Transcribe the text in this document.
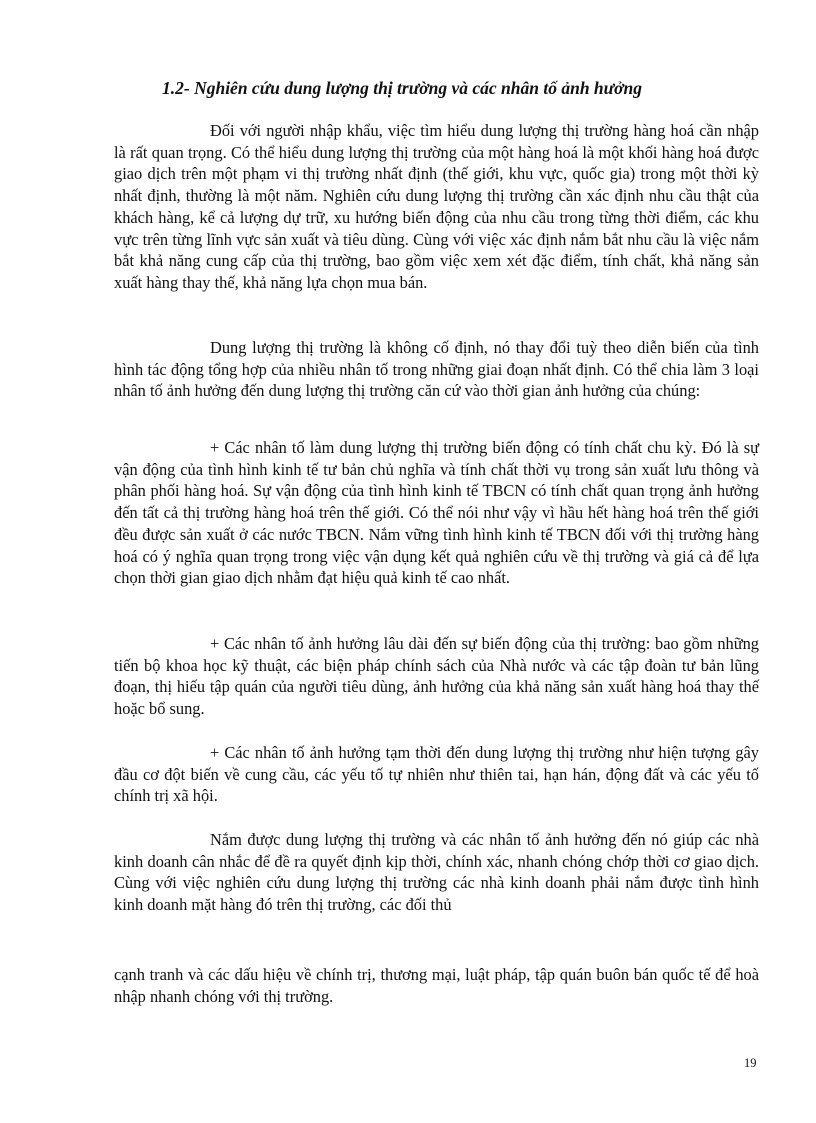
1.2- Nghiên cứu dung lượng thị trường và các nhân tố ảnh hưởng

Đối với người nhập khẩu, việc tìm hiểu dung lượng thị trường hàng hoá cần nhập là rất quan trọng. Có thể hiểu dung lượng thị trường của một hàng hoá là một khối hàng hoá được giao dịch trên một phạm vi thị trường nhất định (thế giới, khu vực, quốc gia) trong một thời kỳ nhất định, thường là một năm. Nghiên cứu dung lượng thị trường cần xác định nhu cầu thật của khách hàng, kể cả lượng dự trữ, xu hướng biến động của nhu cầu trong từng thời điểm, các khu vực trên từng lĩnh vực sản xuất và tiêu dùng. Cùng với việc xác định nắm bắt nhu cầu là việc nắm bắt khả năng cung cấp của thị trường, bao gồm việc xem xét đặc điểm, tính chất, khả năng sản xuất hàng thay thế, khả năng lựa chọn mua bán.

Dung lượng thị trường là không cố định, nó thay đổi tuỳ theo diễn biến của tình hình tác động tổng hợp của nhiều nhân tố trong những giai đoạn nhất định. Có thể chia làm 3 loại nhân tố ảnh hưởng đến dung lượng thị trường căn cứ vào thời gian ảnh hưởng của chúng:

+ Các nhân tố làm dung lượng thị trường biến động có tính chất chu kỳ. Đó là sự vận động của tình hình kinh tế tư bản chủ nghĩa và tính chất thời vụ trong sản xuất lưu thông và phân phối hàng hoá. Sự vận động của tình hình kinh tế TBCN có tính chất quan trọng ảnh hưởng đến tất cả thị trường hàng hoá trên thế giới. Có thể nói như vậy vì hầu hết hàng hoá trên thế giới đều được sản xuất ở các nước TBCN. Nắm vững tình hình kinh tế TBCN đối với thị trường hàng hoá có ý nghĩa quan trọng trong việc vận dụng kết quả nghiên cứu về thị trường và giá cả để lựa chọn thời gian giao dịch nhằm đạt hiệu quả kinh tế cao nhất.

+ Các nhân tố ảnh hưởng lâu dài đến sự biến động của thị trường: bao gồm những tiến bộ khoa học kỹ thuật, các biện pháp chính sách của Nhà nước và các tập đoàn tư bản lũng đoạn, thị hiếu tập quán của người tiêu dùng, ảnh hưởng của khả năng sản xuất hàng hoá thay thế hoặc bổ sung.

+ Các nhân tố ảnh hưởng tạm thời đến dung lượng thị trường như hiện tượng gây đầu cơ đột biến về cung cầu, các yếu tố tự nhiên như thiên tai, hạn hán, động đất và các yếu tố chính trị xã hội.

Nắm được dung lượng thị trường và các nhân tố ảnh hưởng đến nó giúp các nhà kinh doanh cân nhắc để đề ra quyết định kịp thời, chính xác, nhanh chóng chớp thời cơ giao dịch. Cùng với việc nghiên cứu dung lượng thị trường các nhà kinh doanh phải nắm được tình hình kinh doanh mặt hàng đó trên thị trường, các đối thủ

cạnh tranh và các dấu hiệu về chính trị, thương mại, luật pháp, tập quán buôn bán quốc tế để hoà nhập nhanh chóng với thị trường.

19
